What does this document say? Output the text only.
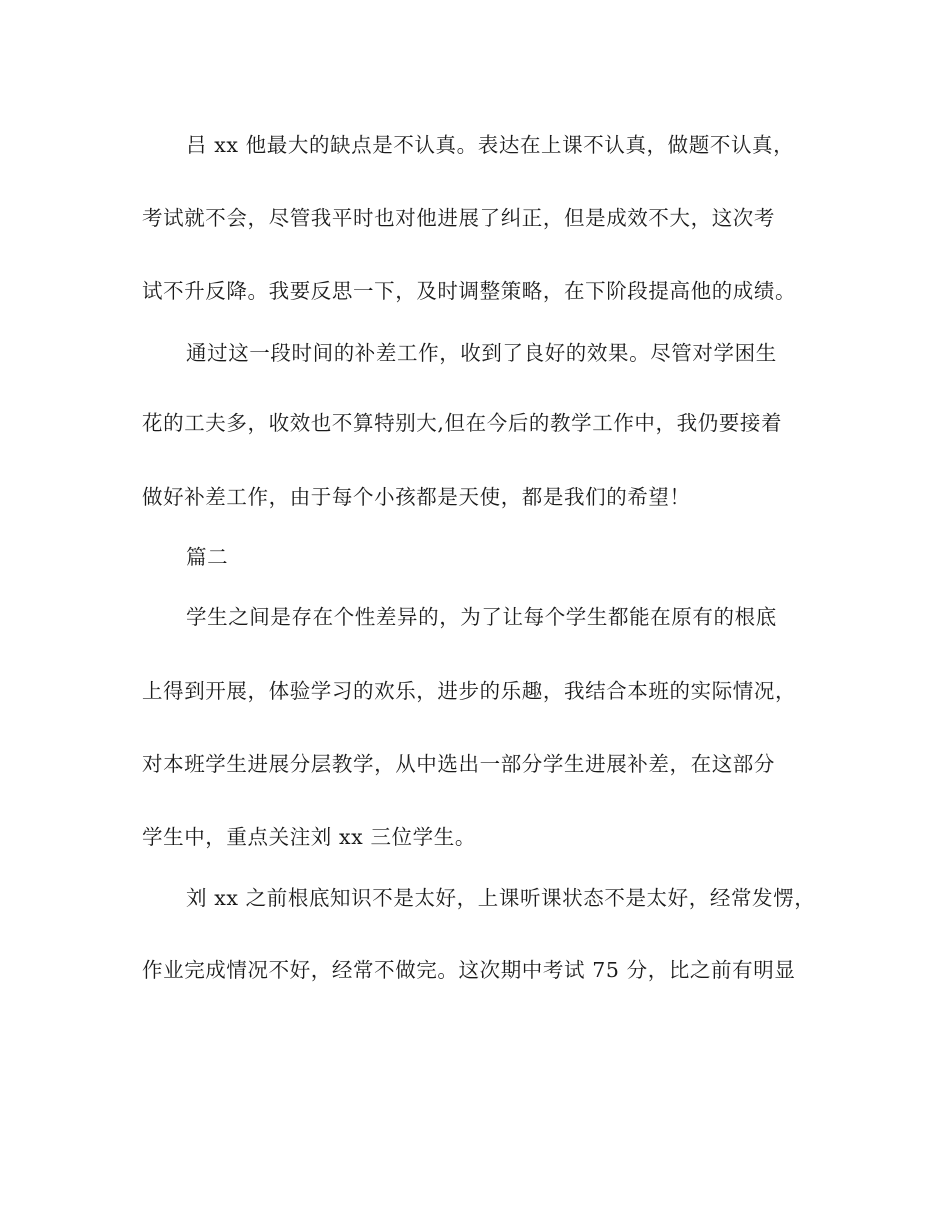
吕 xx 他最大的缺点是不认真。表达在上课不认真，做题不认真，
考试就不会，尽管我平时也对他进展了纠正，但是成效不大，这次考
试不升反降。我要反思一下，及时调整策略，在下阶段提高他的成绩。
通过这一段时间的补差工作，收到了良好的效果。尽管对学困生
花的工夫多，收效也不算特别大,但在今后的教学工作中，我仍要接着
做好补差工作，由于每个小孩都是天使，都是我们的希望！
篇二
学生之间是存在个性差异的，为了让每个学生都能在原有的根底
上得到开展，体验学习的欢乐，进步的乐趣，我结合本班的实际情况，
对本班学生进展分层教学，从中选出一部分学生进展补差，在这部分
学生中，重点关注刘 xx 三位学生。
刘 xx 之前根底知识不是太好，上课听课状态不是太好，经常发愣，
作业完成情况不好，经常不做完。这次期中考试 75 分，比之前有明显
